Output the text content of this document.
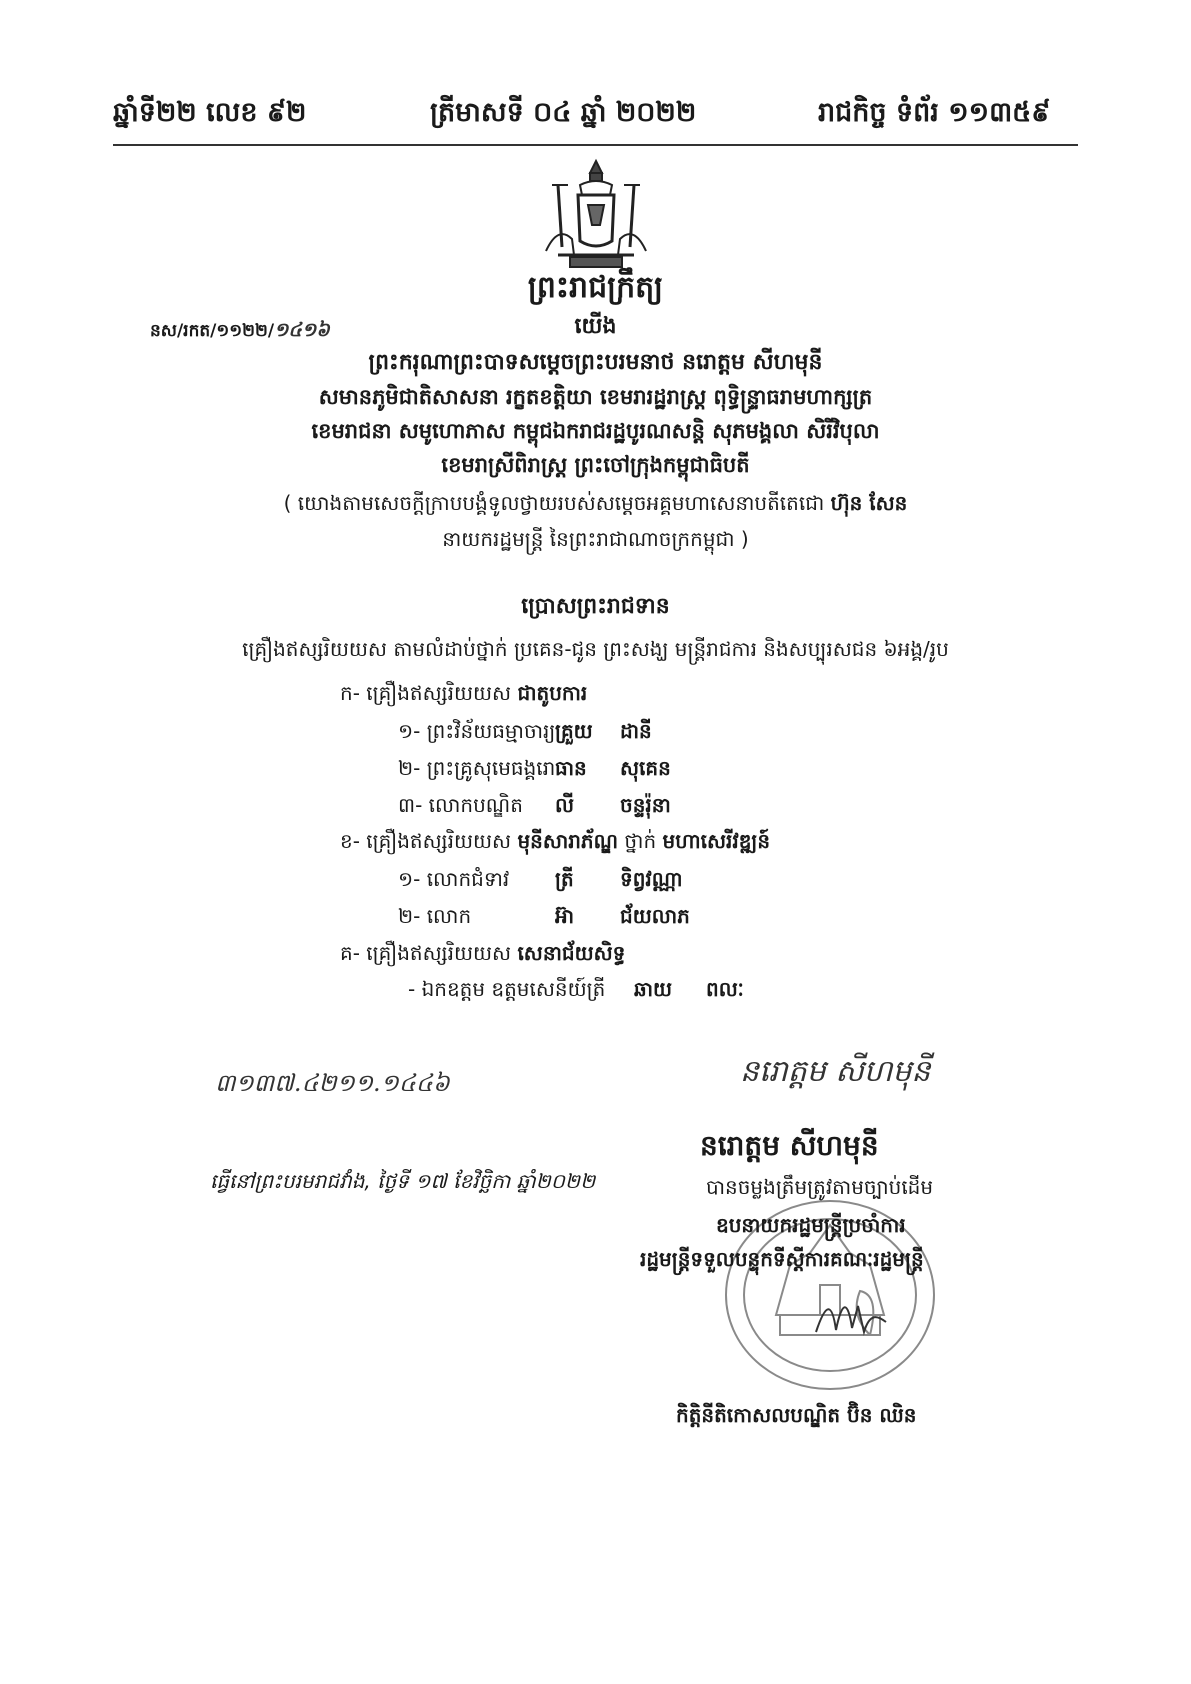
ឆ្នាំទី២២ លេខ ៩២	ត្រីមាសទី ០៤ ឆ្នាំ ២០២២	រាជកិច្ច ទំព័រ ១១៣៥៩
ព្រះរាជក្រឹត្យ
នស/រកត/១១២២/១៤១៦	យើង
ព្រះករុណាព្រះបាទសម្តេចព្រះបរមនាថ នរោត្តម សីហមុនី
សមានភូមិជាតិសាសនា រក្ខតខត្តិយា ខេមរារដ្ឋរាស្ត្រ ពុទ្ធិន្ទ្រាធរាមហាក្សត្រ
ខេមរាជនា សមូហោភាស កម្ពុជឯករាជរដ្ឋបូរណសន្តិ សុភមង្គលា សិរីវិបុលា
ខេមរាស្រីពិរាស្ត្រ ព្រះចៅក្រុងកម្ពុជាធិបតី
( យោងតាមសេចក្តីក្រាបបង្គំទូលថ្វាយរបស់សម្តេចអគ្គមហាសេនាបតីតេជោ ហ៊ុន សែន
នាយករដ្ឋមន្ត្រី នៃព្រះរាជាណាចក្រកម្ពុជា )
ប្រោសព្រះរាជទាន
គ្រឿងឥស្សរិយយស តាមលំដាប់ថ្នាក់ ប្រគេន-ជូន ព្រះសង្ឃ មន្ត្រីរាជការ និងសប្បុរសជន ៦អង្គ/រូប
ក- គ្រឿងឥស្សរិយយស ជាតូបការ
១- ព្រះវិន័យធម្មាចារ្យ គ្រួយ ដានី
២- ព្រះគ្រូសុមេធង្គរោ ធាន សុគេន
៣- លោកបណ្ឌិត លី ចន្ទរ៉ុនា
ខ- គ្រឿងឥស្សរិយយស មុនីសារាភ័ណ្ឌ ថ្នាក់ មហាសេរីវឌ្ឍន៍
១- លោកជំទាវ ត្រី ទិព្វវណ្ណា
២- លោក	អ៊ា ជ័យលាភ
គ- គ្រឿងឥស្សរិយយស សេនាជ័យសិទ្ធ
- ឯកឧត្តម ឧត្តមសេនីយ៍ត្រី ឆាយ ពលៈ
៣១៣៧.៤២១១.១៤៤៦
ធ្វើនៅព្រះបរមរាជវាំង, ថ្ងៃទី ១៧ ខែវិច្ឆិកា ឆ្នាំ២០២២
នរោត្តម សីហមុនី
នរោត្តម សីហមុនី
បានចម្លងត្រឹមត្រូវតាមច្បាប់ដើម
ឧបនាយករដ្ឋមន្ត្រីប្រចាំការ
រដ្ឋមន្ត្រីទទួលបន្ទុកទីស្តីការគណៈរដ្ឋមន្ត្រី
កិត្តិនីតិកោសលបណ្ឌិត ប៊ិន ឈិន
